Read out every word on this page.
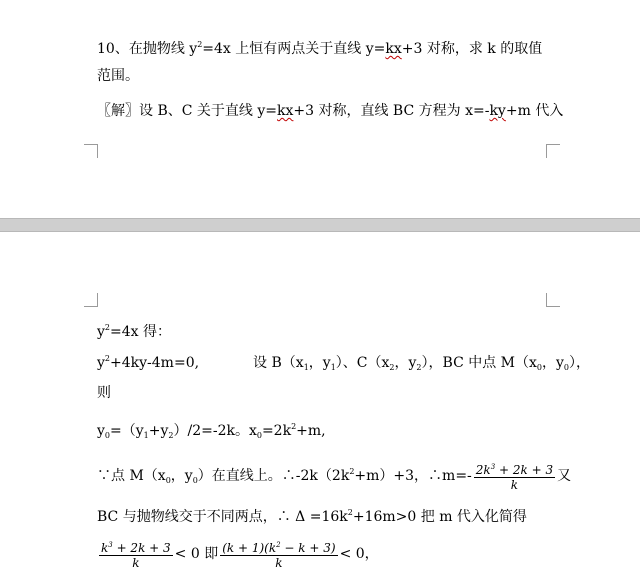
10、在抛物线 $y^2=4x$ 上恒有两点关于直线 y=kx+3 对称，求 k 的取值
范围。
〖解〗设 B、C 关于直线 y=kx+3 对称，直线 BC 方程为 x=-ky+m 代入
$y^2=4x$ 得：
$y^2+4ky-4m=0$,	设 $B(x_1$，$y_1$）、$C(x_2$，$y_2$），BC 中点 $M(x_0$，$y_0$），
则
$y_0=(y_1+y_2)/2=-2k$。$x_0=2k^2+m$,
∵点 $M(x_0$，$y_0$）在直线上。$\therefore-2k(2k^2+m)+3$，∴m=- $\frac{2k^3 + 2k + 3}{k}$ 又
BC 与抛物线交于不同两点，∴ $\Delta =16k^2+16m>0$ 把 m 代入化简得
$\frac{k^3 + 2k + 3}{k} < 0$ 即 $\frac{(k + 1)(k^2 - k + 3)}{k} < 0$，
